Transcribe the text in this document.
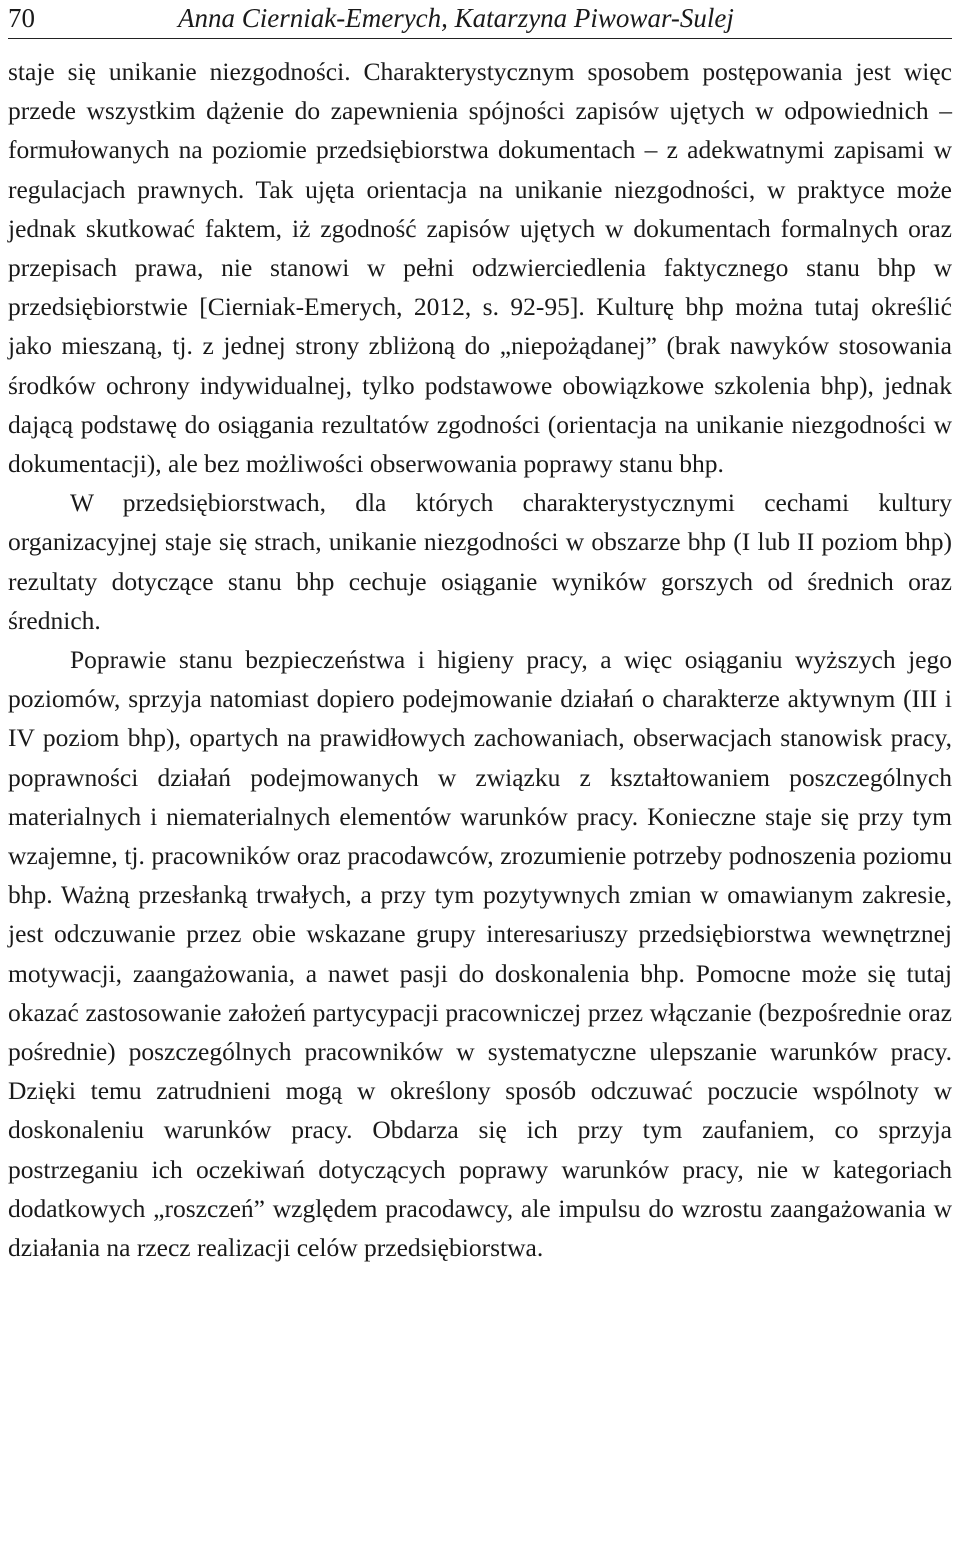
70	Anna Cierniak-Emerych, Katarzyna Piwowar-Sulej

staje się unikanie niezgodności. Charakterystycznym sposobem postępowania jest więc przede wszystkim dążenie do zapewnienia spójności zapisów ujętych w odpowiednich – formułowanych na poziomie przedsiębiorstwa dokumentach – z adekwatnymi zapisami w regulacjach prawnych. Tak ujęta orientacja na unikanie niezgodności, w praktyce może jednak skutkować faktem, iż zgodność zapisów ujętych w dokumentach formalnych oraz przepisach prawa, nie stanowi w pełni odzwierciedlenia faktycznego stanu bhp w przedsiębiorstwie [Cierniak-Emerych, 2012, s. 92-95]. Kulturę bhp można tutaj określić jako mieszaną, tj. z jednej strony zbliżoną do „niepożądanej” (brak nawyków stosowania środków ochrony indywidualnej, tylko podstawowe obowiązkowe szkolenia bhp), jednak dającą podstawę do osiągania rezultatów zgodności (orientacja na unikanie niezgodności w dokumentacji), ale bez możliwości obserwowania poprawy stanu bhp.

W przedsiębiorstwach, dla których charakterystycznymi cechami kultury organizacyjnej staje się strach, unikanie niezgodności w obszarze bhp (I lub II poziom bhp) rezultaty dotyczące stanu bhp cechuje osiąganie wyników gorszych od średnich oraz średnich.

Poprawie stanu bezpieczeństwa i higieny pracy, a więc osiąganiu wyższych jego poziomów, sprzyja natomiast dopiero podejmowanie działań o charakterze aktywnym (III i IV poziom bhp), opartych na prawidłowych zachowaniach, obserwacjach stanowisk pracy, poprawności działań podejmowanych w związku z kształtowaniem poszczególnych materialnych i niematerialnych elementów warunków pracy. Konieczne staje się przy tym wzajemne, tj. pracowników oraz pracodawców, zrozumienie potrzeby podnoszenia poziomu bhp. Ważną przesłanką trwałych, a przy tym pozytywnych zmian w omawianym zakresie, jest odczuwanie przez obie wskazane grupy interesariuszy przedsiębiorstwa wewnętrznej motywacji, zaangażowania, a nawet pasji do doskonalenia bhp. Pomocne może się tutaj okazać zastosowanie założeń partycypacji pracowniczej przez włączanie (bezpośrednie oraz pośrednie) poszczególnych pracowników w systematyczne ulepszanie warunków pracy. Dzięki temu zatrudnieni mogą w określony sposób odczuwać poczucie wspólnoty w doskonaleniu warunków pracy. Obdarza się ich przy tym zaufaniem, co sprzyja postrzeganiu ich oczekiwań dotyczących poprawy warunków pracy, nie w kategoriach dodatkowych „roszczeń” względem pracodawcy, ale impulsu do wzrostu zaangażowania w działania na rzecz realizacji celów przedsiębiorstwa.
